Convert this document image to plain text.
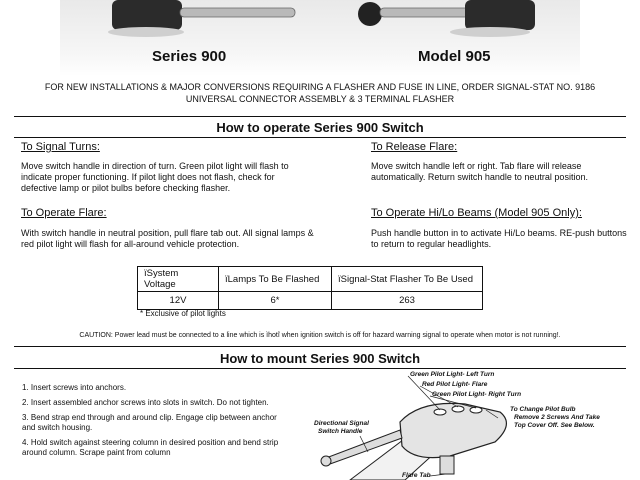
Series 900	Model 905
FOR NEW INSTALLATIONS & MAJOR CONVERSIONS REQUIRING A FLASHER AND FUSE IN LINE, ORDER SIGNAL-STAT NO. 9186 UNIVERSAL CONNECTOR ASSEMBLY & 3 TERMINAL FLASHER
How to operate Series 900 Switch
To Signal Turns:
Move switch handle in direction of turn. Green pilot light will flash to indicate proper functioning. If pilot light does not flash, check for defective lamp or pilot bulbs before checking flasher.
To Release Flare:
Move switch handle left or right. Tab flare will release automatically. Return switch handle to neutral position.
To Operate Flare:
With switch handle in neutral position, pull flare tab out. All signal lamps & red pilot light will flash for all-around vehicle protection.
To Operate Hi/Lo Beams (Model 905 Only):
Push handle button in to activate Hi/Lo beams. RE-push buttons to return to regular headlights.
ïSystem Voltage	ïLamps To Be Flashed	ïSignal-Stat Flasher To Be Used
12V	6*	263
* Exclusive of pilot lights
CAUTION: Power lead must be connected to a line which is ìhotî when ignition switch is off for hazard warning signal to operate when motor is not running!.
How to mount Series 900 Switch
1. Insert screws into anchors.
2. Insert assembled anchor screws into slots in switch. Do not tighten.
3. Bend strap end through and around clip. Engage clip between anchor and switch housing.
4. Hold switch against steering column in desired position and bend strip around column. Scrape paint from column
Green Pilot Light- Left Turn
Red Pilot Light- Flare
Green Pilot Light- Right Turn
To Change Pilot Bulb
Remove 2 Screws And Take
Top Cover Off. See Below.
Directional Signal
Switch Handle
Flare Tab
